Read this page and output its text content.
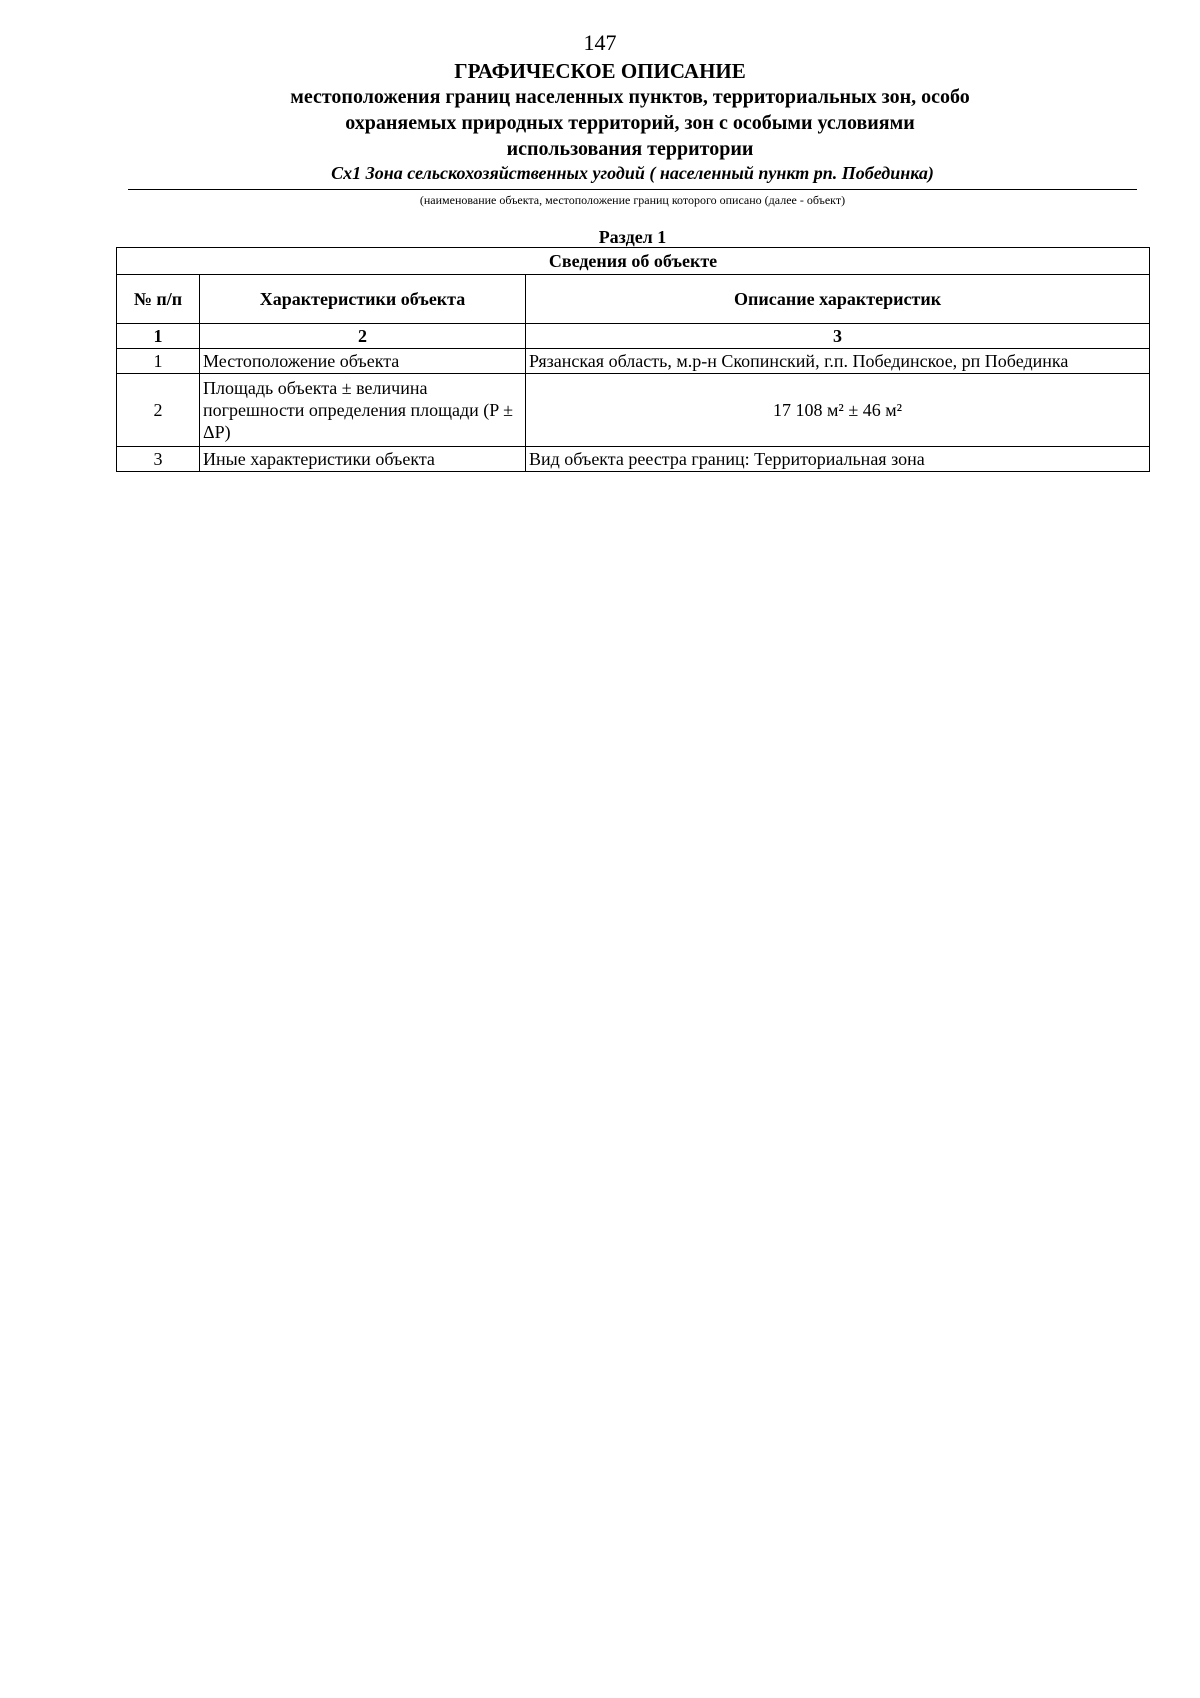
147
ГРАФИЧЕСКОЕ ОПИСАНИЕ
местоположения границ населенных пунктов, территориальных зон, особо охраняемых природных территорий, зон с особыми условиями использования территории
Сх1 Зона сельскохозяйственных угодий ( населенный пункт рп. Побединка)
(наименование объекта, местоположение границ которого описано (далее - объект)
Раздел 1
Сведения об объекте		
№ п/п	Характеристики объекта	Описание характеристик
1	2	3
1	Местоположение объекта	Рязанская область, м.р-н Скопинский, г.п. Побединское, рп Побединка
2	Площадь объекта ± величина погрешности определения площади (P ± ΔP)	17 108 м² ± 46 м²
3	Иные характеристики объекта	Вид объекта реестра границ: Территориальная зона
